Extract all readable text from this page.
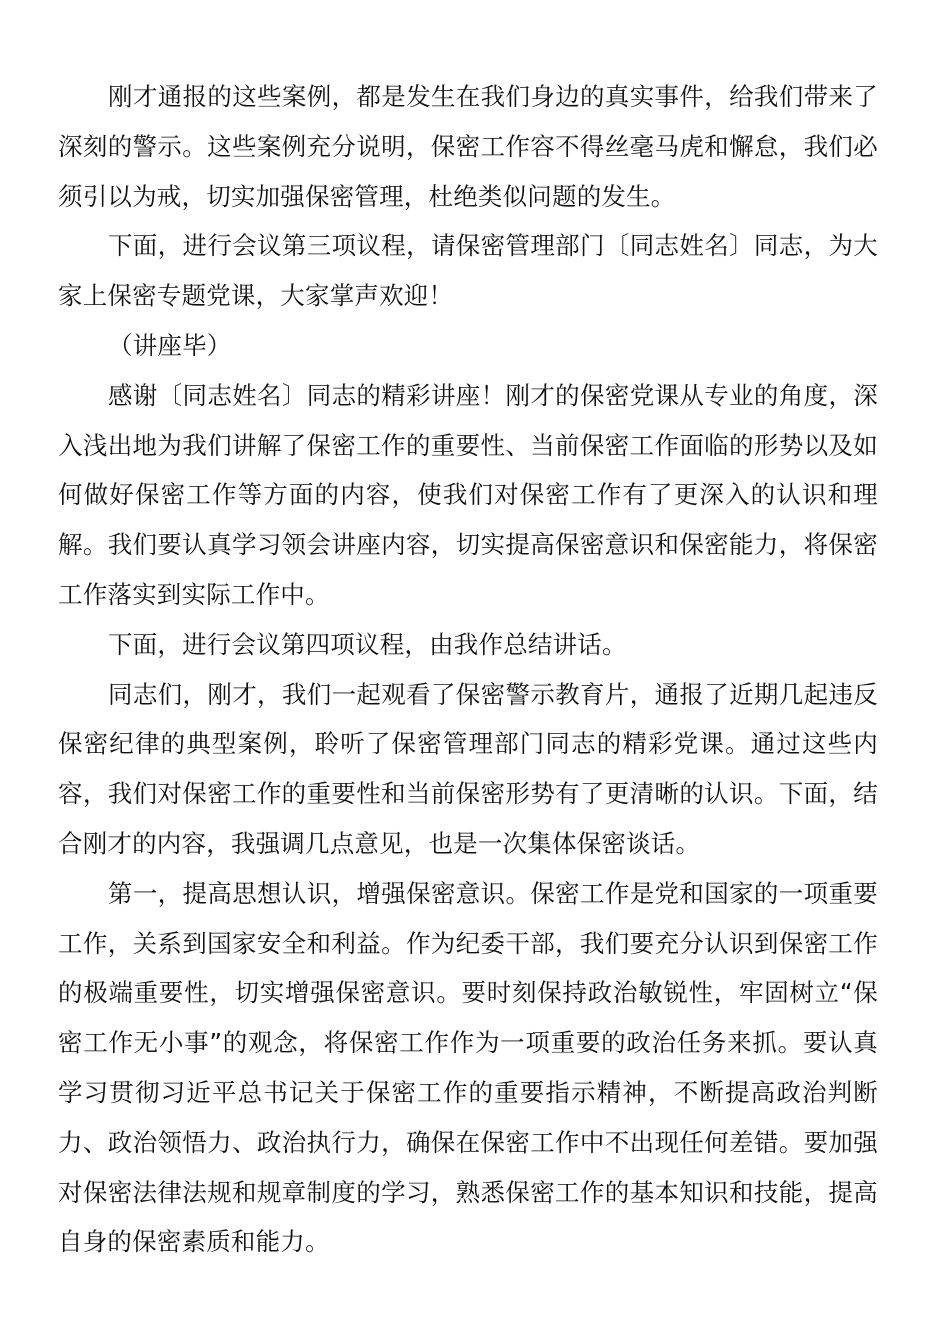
刚才通报的这些案例，都是发生在我们身边的真实事件，给我们带来了深刻的警示。这些案例充分说明，保密工作容不得丝毫马虎和懈怠，我们必须引以为戒，切实加强保密管理，杜绝类似问题的发生。

下面，进行会议第三项议程，请保密管理部门〔同志姓名〕同志，为大家上保密专题党课，大家掌声欢迎！

（讲座毕）

感谢〔同志姓名〕同志的精彩讲座！刚才的保密党课从专业的角度，深入浅出地为我们讲解了保密工作的重要性、当前保密工作面临的形势以及如何做好保密工作等方面的内容，使我们对保密工作有了更深入的认识和理解。我们要认真学习领会讲座内容，切实提高保密意识和保密能力，将保密工作落实到实际工作中。

下面，进行会议第四项议程，由我作总结讲话。

同志们，刚才，我们一起观看了保密警示教育片，通报了近期几起违反保密纪律的典型案例，聆听了保密管理部门同志的精彩党课。通过这些内容，我们对保密工作的重要性和当前保密形势有了更清晰的认识。下面，结合刚才的内容，我强调几点意见，也是一次集体保密谈话。

第一，提高思想认识，增强保密意识。保密工作是党和国家的一项重要工作，关系到国家安全和利益。作为纪委干部，我们要充分认识到保密工作的极端重要性，切实增强保密意识。要时刻保持政治敏锐性，牢固树立“保密工作无小事”的观念，将保密工作作为一项重要的政治任务来抓。要认真学习贯彻习近平总书记关于保密工作的重要指示精神，不断提高政治判断力、政治领悟力、政治执行力，确保在保密工作中不出现任何差错。要加强对保密法律法规和规章制度的学习，熟悉保密工作的基本知识和技能，提高自身的保密素质和能力。
